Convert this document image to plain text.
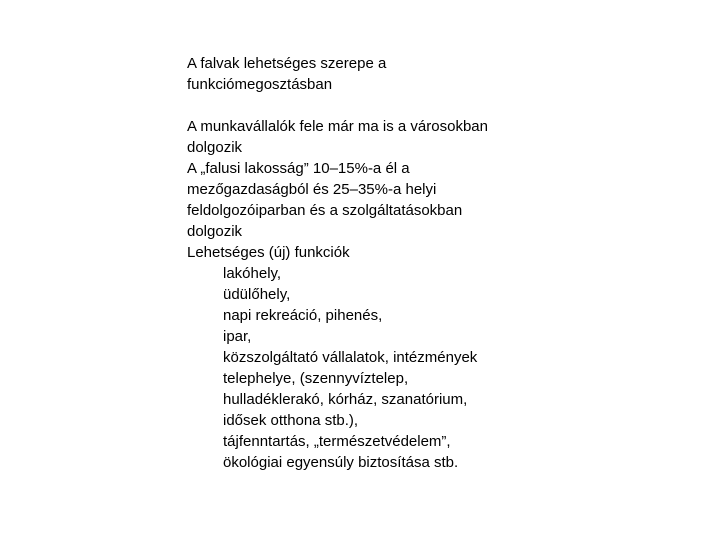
A falvak lehetséges szerepe a
funkciómegosztásban

A munkavállalók fele már ma is a városokban
dolgozik

A „falusi lakosság” 10–15%-a él a
mezőgazdaságból és 25–35%-a helyi
feldolgozóiparban és a szolgáltatásokban
dolgozik

Lehetséges (új) funkciók

lakóhely,
üdülőhely,
napi rekreáció, pihenés,
ipar,
közszolgáltató vállalatok, intézmények
telephelye, (szennyvíztelep,
hulladéklerakó, kórház, szanatórium,
idősek otthona stb.),
tájfenntartás, „természetvédelem”,
ökológiai egyensúly biztosítása stb.
